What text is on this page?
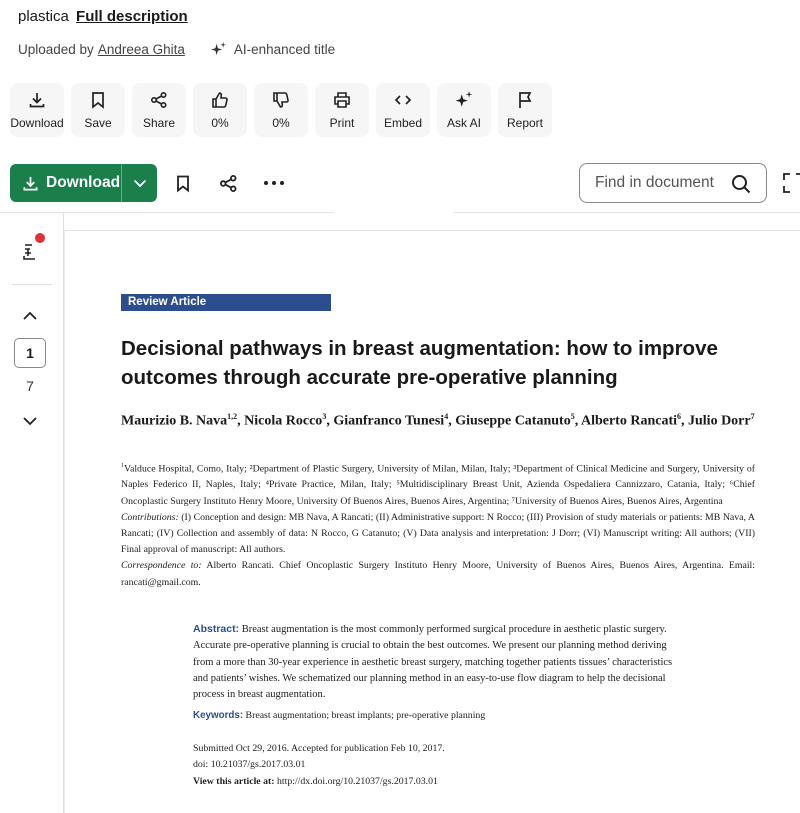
plastica Full description
Uploaded by Andreea Ghita	AI-enhanced title
Download Save	Share	0%	0%	Print Embed Ask AI Report
Download	Find in document
1
7
Review Article
Decisional pathways in breast augmentation: how to improve outcomes through accurate pre-operative planning
Maurizio B. Nava$^{1,2}$, Nicola Rocco$^3$, Gianfranco Tunesi$^4$, Giuseppe Catanuto$^5$, Alberto Rancati$^6$, Julio Dorr$^7$
$^1$Valduce Hospital, Como, Italy; ²Department of Plastic Surgery, University of Milan, Milan, Italy; ³Department of Clinical Medicine and Surgery, University of Naples Federico II, Naples, Italy; ⁴Private Practice, Milan, Italy; ⁵Multidisciplinary Breast Unit, Azienda Ospedaliera Cannizzaro, Catania, Italy; ⁶Chief Oncoplastic Surgery Instituto Henry Moore, University Of Buenos Aires, Buenos Aires, Argentina; ⁷University of Buenos Aires, Buenos Aires, Argentina
Contributions: (I) Conception and design: MB Nava, A Rancati; (II) Administrative support: N Rocco; (III) Provision of study materials or patients: MB Nava, A Rancati; (IV) Collection and assembly of data: N Rocco, G Catanuto; (V) Data analysis and interpretation: J Dorr; (VI) Manuscript writing: All authors; (VII) Final approval of manuscript: All authors.
Correspondence to: Alberto Rancati. Chief Oncoplastic Surgery Instituto Henry Moore, University of Buenos Aires, Buenos Aires, Argentina. Email: rancati@gmail.com.
Abstract: Breast augmentation is the most commonly performed surgical procedure in aesthetic plastic surgery. Accurate pre-operative planning is crucial to obtain the best outcomes. We present our planning method deriving from a more than 30-year experience in aesthetic breast surgery, matching together patients tissues’ characteristics and patients’ wishes. We schematized our planning method in an easy-to-use flow diagram to help the decisional process in breast augmentation.
Keywords: Breast augmentation; breast implants; pre-operative planning
Submitted Oct 29, 2016. Accepted for publication Feb 10, 2017.
doi: 10.21037/gs.2017.03.01
View this article at: http://dx.doi.org/10.21037/gs.2017.03.01
